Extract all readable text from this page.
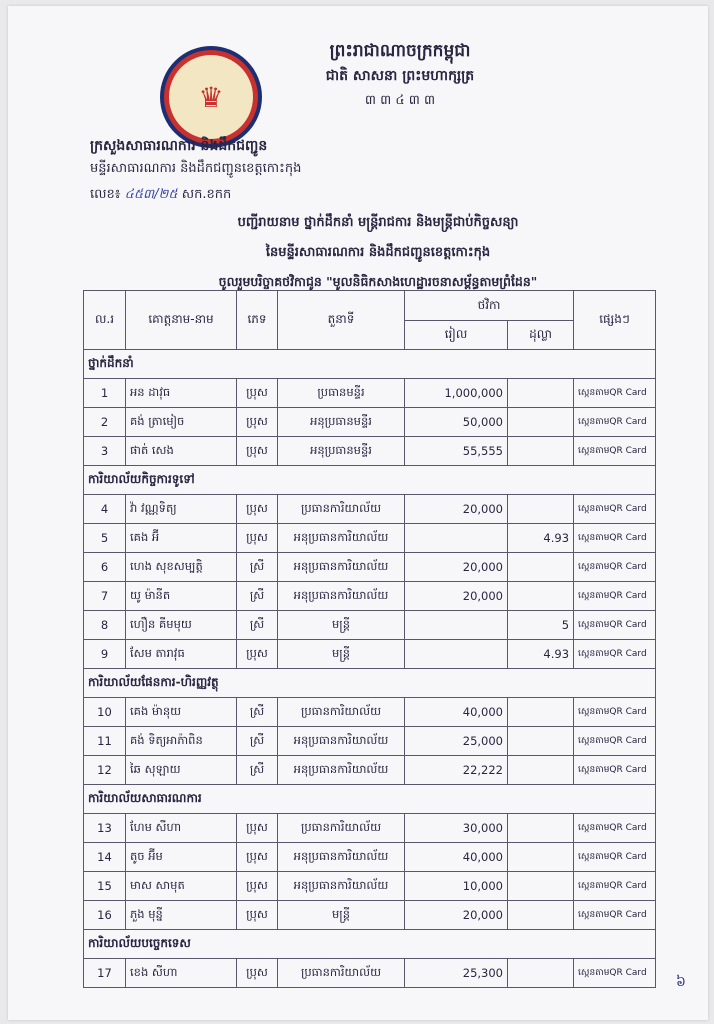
♛
ព្រះរាជាណាចក្រកម្ពុជា
ជាតិ សាសនា ព្រះមហាក្សត្រ
៣ ៣ ៤ ៣ ៣
ក្រសួងសាធារណការ និងដឹកជញ្ជូន
មន្ទីរសាធារណការ និងដឹកជញ្ជូនខេត្តកោះកុង
លេខ៖ ៤៥៣/២៥ សក.ខកក
បញ្ជីរាយនាម ថ្នាក់ដឹកនាំ មន្ត្រីរាជការ និងមន្ត្រីជាប់កិច្ចសន្យា
នៃមន្ទីរសាធារណការ និងដឹកជញ្ជូនខេត្តកោះកុង
ចូលរួមបរិច្ចាគថវិកាជូន "មូលនិធិកសាងហេដ្ឋារចនាសម្ព័ន្ធតាមព្រំដែន"
ល.រ	គោត្តនាម-នាម	ភេទ	តួនាទី	ថវិកា		ផ្សេងៗ
				រៀល	ដុល្លា	
ថ្នាក់ដឹកនាំ						
1	អន ដាវុធ	ប្រុស	ប្រធានមន្ទីរ	1,000,000		ស្កេនតាមQR Card
2	គង់ ត្រាមៀច	ប្រុស	អនុប្រធានមន្ទីរ	50,000		ស្កេនតាមQR Card
3	ផាត់ សេង	ប្រុស	អនុប្រធានមន្ទីរ	55,555		ស្កេនតាមQR Card
ការិយាល័យកិច្ចការទូទៅ						
4	វ៉ា វណ្ណទិត្យ	ប្រុស	ប្រធានការិយាល័យ	20,000		ស្កេនតាមQR Card
5	គេង អ៊ី	ប្រុស	អនុប្រធានការិយាល័យ		4.93	ស្កេនតាមQR Card
6	ហេង សុខសម្បត្តិ	ស្រី	អនុប្រធានការិយាល័យ	20,000		ស្កេនតាមQR Card
7	យូ ម៉ានីត	ស្រី	អនុប្រធានការិយាល័យ	20,000		ស្កេនតាមQR Card
8	ហឿន គីមមុយ	ស្រី	មន្ត្រី		5	ស្កេនតាមQR Card
9	សែម តារាវុធ	ប្រុស	មន្ត្រី		4.93	ស្កេនតាមQR Card
ការិយាល័យផែនការ-ហិរញ្ញវត្ថុ						
10	គេង ម៉ានុយ	ស្រី	ប្រធានការិយាល័យ	40,000		ស្កេនតាមQR Card
11	គង់ ទិត្យអាភ៉ាពិន	ស្រី	អនុប្រធានការិយាល័យ	25,000		ស្កេនតាមQR Card
12	ឆៃ សុឡាយ	ស្រី	អនុប្រធានការិយាល័យ	22,222		ស្កេនតាមQR Card
ការិយាល័យសាធារណការ						
13	ហែម សីហា	ប្រុស	ប្រធានការិយាល័យ	30,000		ស្កេនតាមQR Card
14	តូច អ៊ីម	ប្រុស	អនុប្រធានការិយាល័យ	40,000		ស្កេនតាមQR Card
15	មាស សាមុត	ប្រុស	អនុប្រធានការិយាល័យ	10,000		ស្កេនតាមQR Card
16	ភួង មុន្នី	ប្រុស	មន្ត្រី	20,000		ស្កេនតាមQR Card
ការិយាល័យបច្ចេកទេស						
17	ខេង សីហា	ប្រុស	ប្រធានការិយាល័យ	25,300		ស្កេនតាមQR Card
៦
